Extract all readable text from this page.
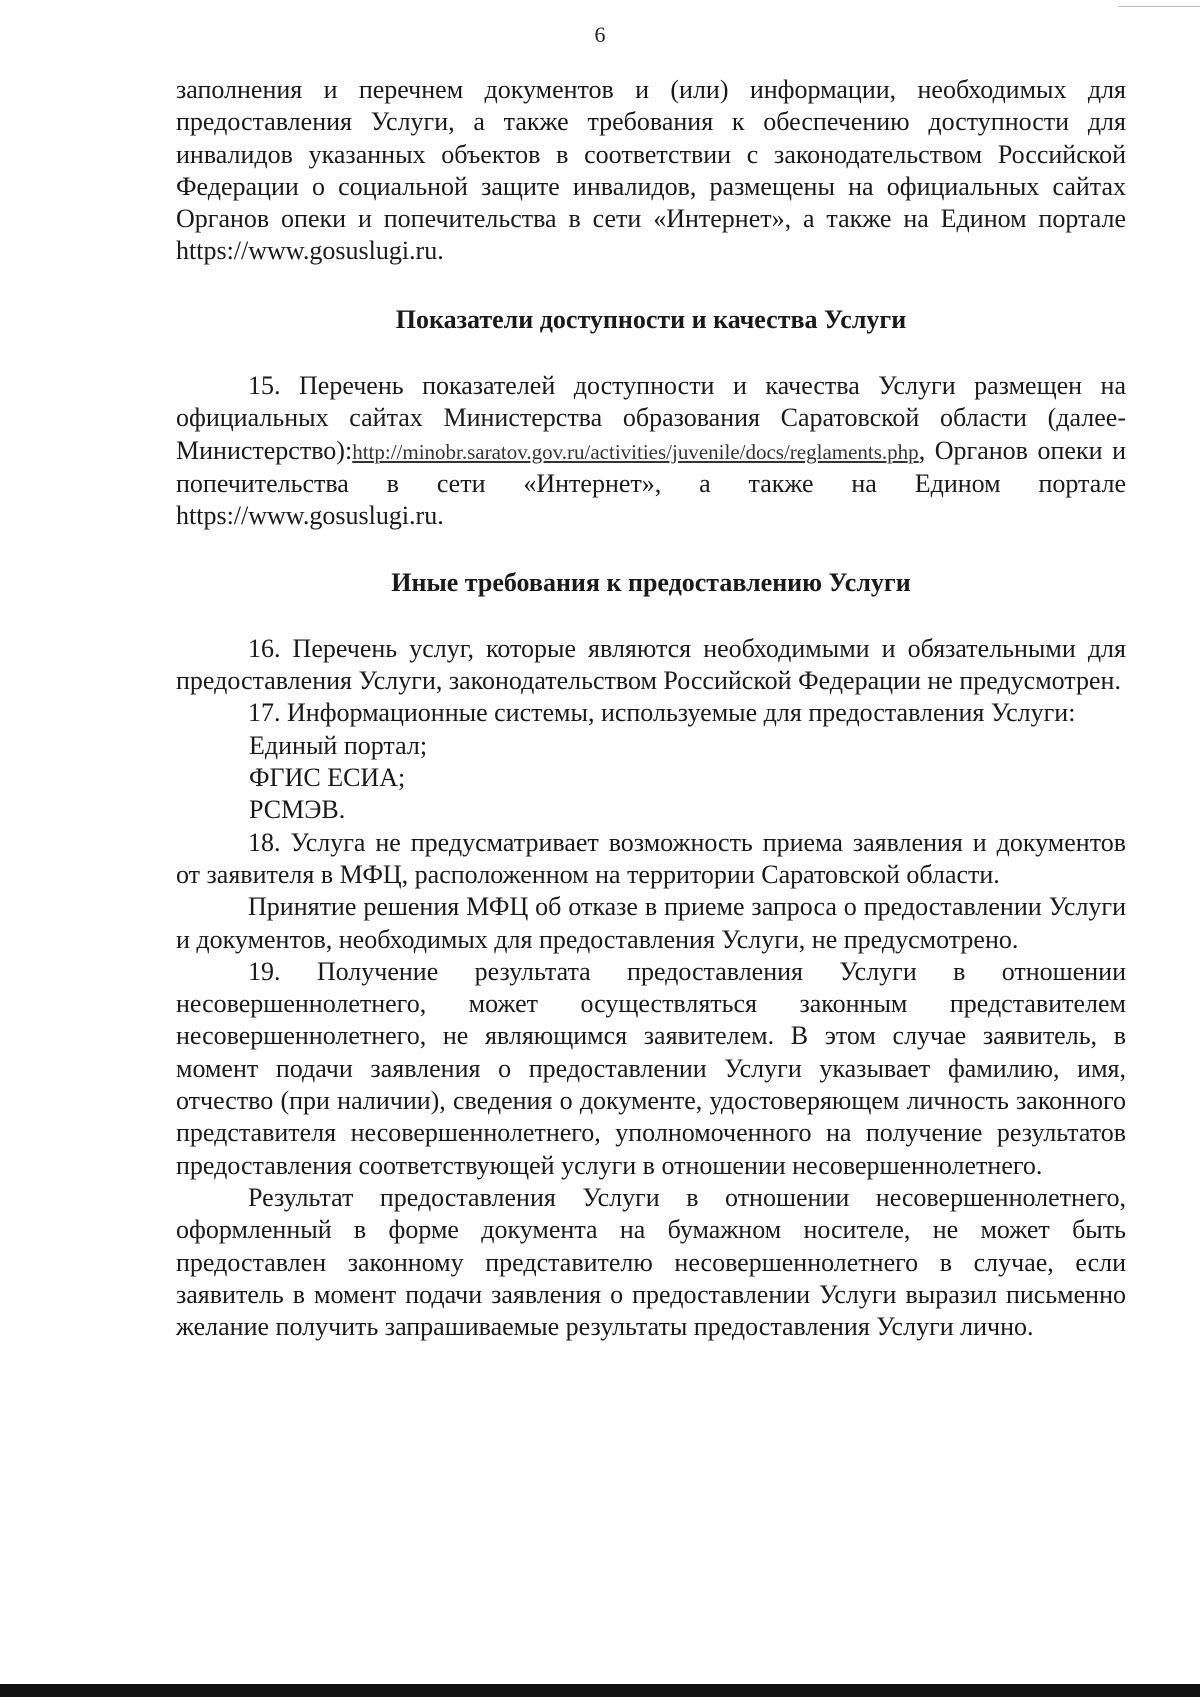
6

заполнения и перечнем документов и (или) информации, необходимых для предоставления Услуги, а также требования к обеспечению доступности для инвалидов указанных объектов в соответствии с законодательством Российской Федерации о социальной защите инвалидов, размещены на официальных сайтах Органов опеки и попечительства в сети «Интернет», а также на Едином портале https://www.gosuslugi.ru.

Показатели доступности и качества Услуги

15. Перечень показателей доступности и качества Услуги размещен на официальных сайтах Министерства образования Саратовской области (далее- Министерство):http://minobr.saratov.gov.ru/activities/juvenile/docs/reglaments.php, Органов опеки и попечительства в сети «Интернет», а также на Едином портале https://www.gosuslugi.ru.

Иные требования к предоставлению Услуги

16. Перечень услуг, которые являются необходимыми и обязательными для предоставления Услуги, законодательством Российской Федерации не предусмотрен.

17. Информационные системы, используемые для предоставления Услуги:

Единый портал;

ФГИС ЕСИА;

РСМЭВ.

18. Услуга не предусматривает возможность приема заявления и документов от заявителя в МФЦ, расположенном на территории Саратовской области.

Принятие решения МФЦ об отказе в приеме запроса о предоставлении Услуги и документов, необходимых для предоставления Услуги, не предусмотрено.

19. Получение результата предоставления Услуги в отношении несовершеннолетнего, может осуществляться законным представителем несовершеннолетнего, не являющимся заявителем. В этом случае заявитель, в момент подачи заявления о предоставлении Услуги указывает фамилию, имя, отчество (при наличии), сведения о документе, удостоверяющем личность законного представителя несовершеннолетнего, уполномоченного на получение результатов предоставления соответствующей услуги в отношении несовершеннолетнего.

Результат предоставления Услуги в отношении несовершеннолетнего, оформленный в форме документа на бумажном носителе, не может быть предоставлен законному представителю несовершеннолетнего в случае, если заявитель в момент подачи заявления о предоставлении Услуги выразил письменно желание получить запрашиваемые результаты предоставления Услуги лично.
